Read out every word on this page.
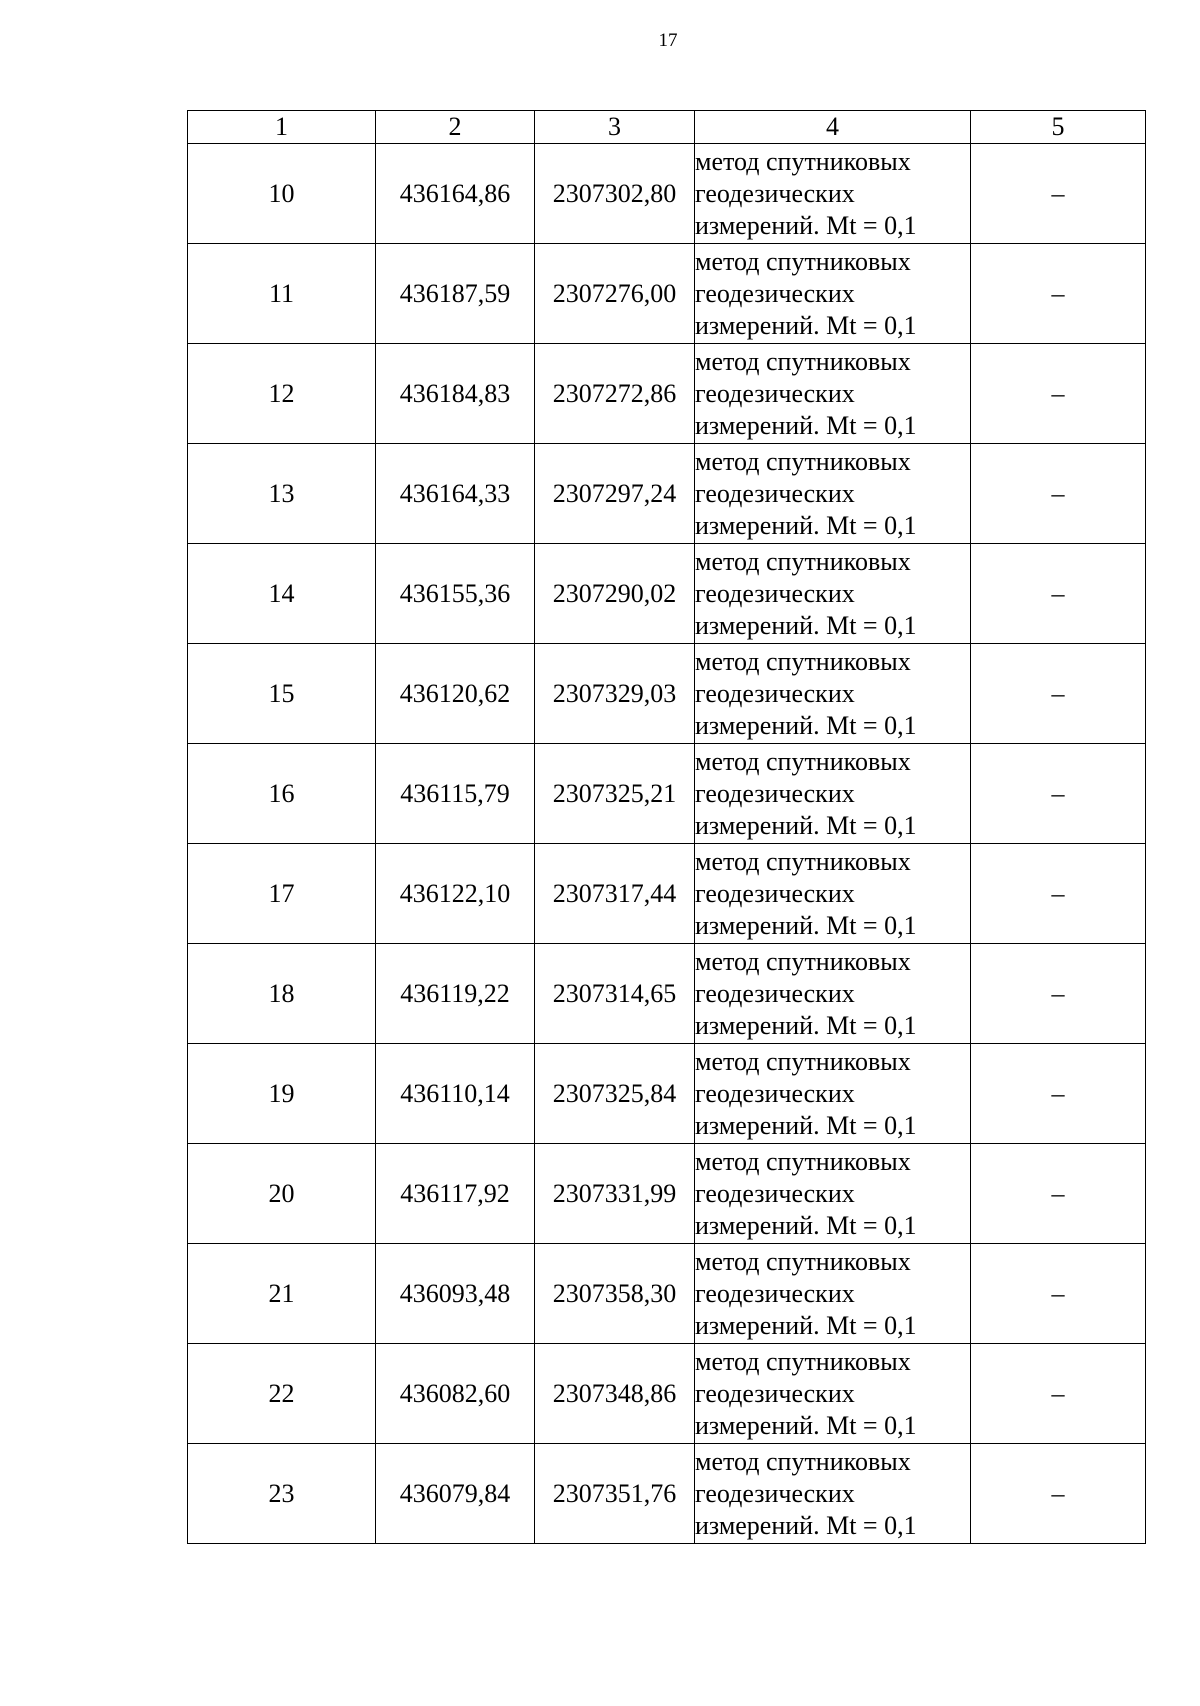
17
1	2	3	4	5
10	436164,86	2307302,80	метод спутниковых
геодезических
измерений. Mt = 0,1	–
11	436187,59	2307276,00	метод спутниковых
геодезических
измерений. Mt = 0,1	–
12	436184,83	2307272,86	метод спутниковых
геодезических
измерений. Mt = 0,1	–
13	436164,33	2307297,24	метод спутниковых
геодезических
измерений. Mt = 0,1	–
14	436155,36	2307290,02	метод спутниковых
геодезических
измерений. Mt = 0,1	–
15	436120,62	2307329,03	метод спутниковых
геодезических
измерений. Mt = 0,1	–
16	436115,79	2307325,21	метод спутниковых
геодезических
измерений. Mt = 0,1	–
17	436122,10	2307317,44	метод спутниковых
геодезических
измерений. Mt = 0,1	–
18	436119,22	2307314,65	метод спутниковых
геодезических
измерений. Mt = 0,1	–
19	436110,14	2307325,84	метод спутниковых
геодезических
измерений. Mt = 0,1	–
20	436117,92	2307331,99	метод спутниковых
геодезических
измерений. Mt = 0,1	–
21	436093,48	2307358,30	метод спутниковых
геодезических
измерений. Mt = 0,1	–
22	436082,60	2307348,86	метод спутниковых
геодезических
измерений. Mt = 0,1	–
23	436079,84	2307351,76	метод спутниковых
геодезических
измерений. Mt = 0,1	–
